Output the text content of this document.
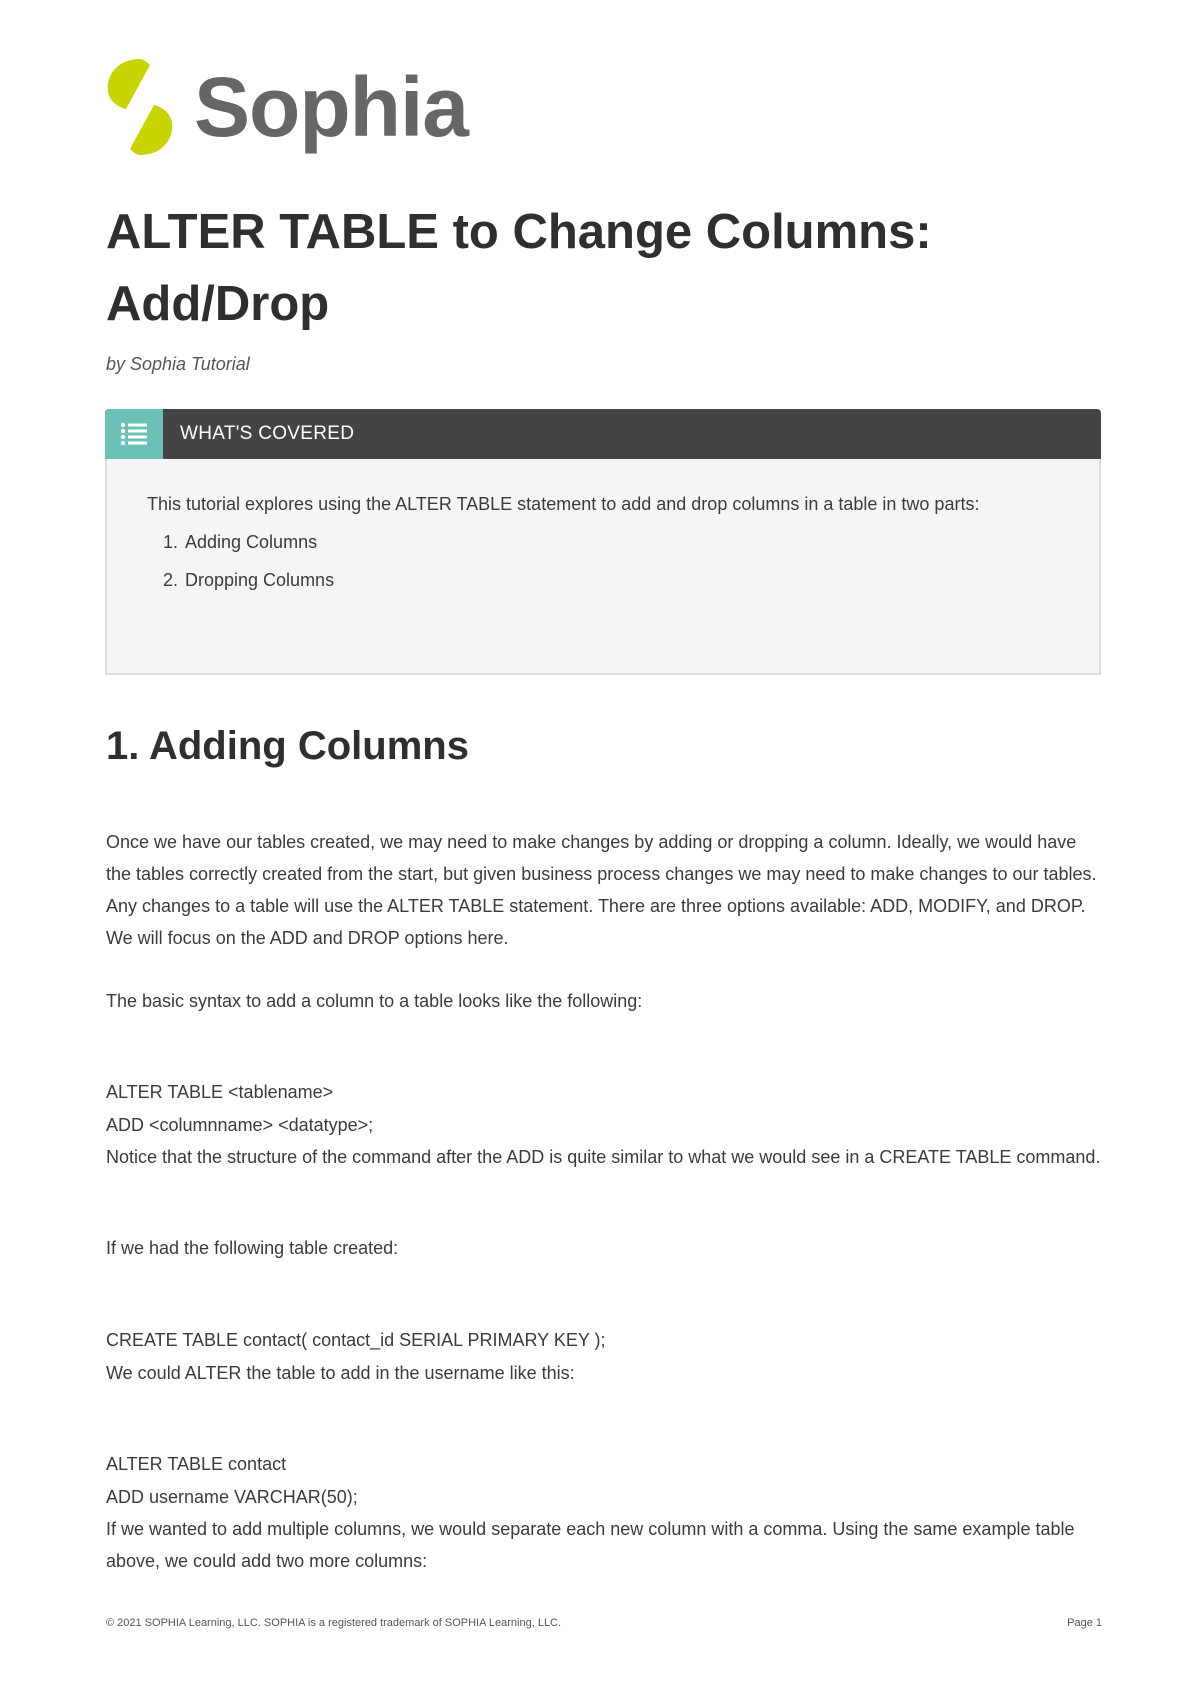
Sophia
ALTER TABLE to Change Columns:
Add/Drop
by Sophia Tutorial
WHAT'S COVERED

This tutorial explores using the ALTER TABLE statement to add and drop columns in a table in two parts:

1. Adding Columns
2. Dropping Columns
1. Adding Columns

Once we have our tables created, we may need to make changes by adding or dropping a column. Ideally, we would have the tables correctly created from the start, but given business process changes we may need to make changes to our tables. Any changes to a table will use the ALTER TABLE statement. There are three options available: ADD, MODIFY, and DROP. We will focus on the ADD and DROP options here.

The basic syntax to add a column to a table looks like the following:

ALTER TABLE <tablename>
ADD <columnname> <datatype>;

Notice that the structure of the command after the ADD is quite similar to what we would see in a CREATE TABLE command.

If we had the following table created:

CREATE TABLE contact( contact_id SERIAL PRIMARY KEY );
We could ALTER the table to add in the username like this:
ALTER TABLE contact
ADD username VARCHAR(50);

If we wanted to add multiple columns, we would separate each new column with a comma. Using the same example table above, we could add two more columns:

© 2021 SOPHIA Learning, LLC. SOPHIA is a registered trademark of SOPHIA Learning, LLC.	Page 1
